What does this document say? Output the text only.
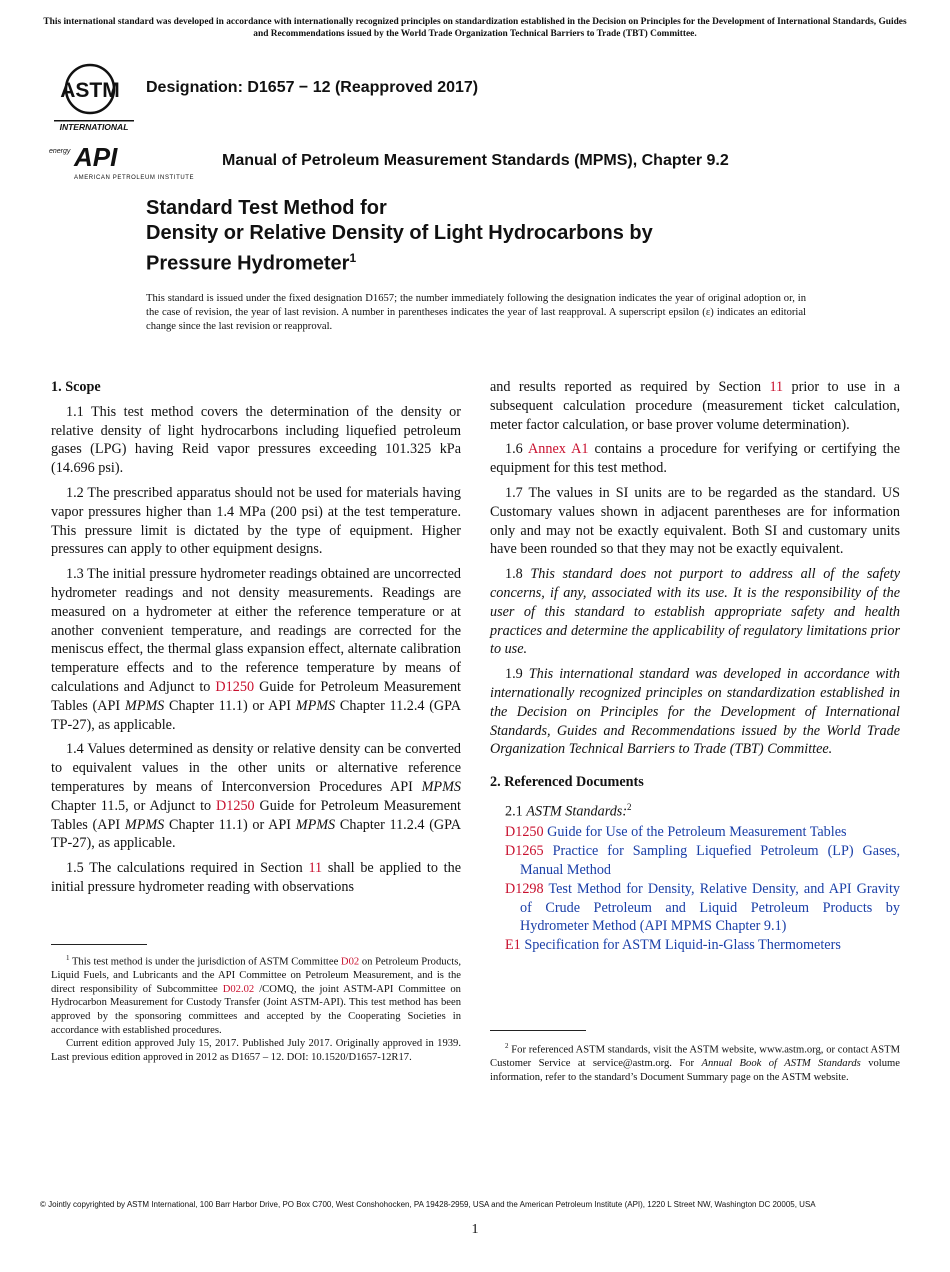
This international standard was developed in accordance with internationally recognized principles on standardization established in the Decision on Principles for the Development of International Standards, Guides and Recommendations issued by the World Trade Organization Technical Barriers to Trade (TBT) Committee.
ASTM
INTERNATIONAL
energy API
AMERICAN PETROLEUM INSTITUTE
Designation: D1657 − 12 (Reapproved 2017)
Manual of Petroleum Measurement Standards (MPMS), Chapter 9.2
Standard Test Method for
Density or Relative Density of Light Hydrocarbons by
Pressure Hydrometer$^1$
This standard is issued under the fixed designation D1657; the number immediately following the designation indicates the year of original adoption or, in the case of revision, the year of last revision. A number in parentheses indicates the year of last reapproval. A superscript epsilon (ε) indicates an editorial change since the last revision or reapproval.
1. Scope

1.1 This test method covers the determination of the density or relative density of light hydrocarbons including liquefied petroleum gases (LPG) having Reid vapor pressures exceeding 101.325 kPa (14.696 psi).

1.2 The prescribed apparatus should not be used for materials having vapor pressures higher than 1.4 MPa (200 psi) at the test temperature. This pressure limit is dictated by the type of equipment. Higher pressures can apply to other equipment designs.

1.3 The initial pressure hydrometer readings obtained are uncorrected hydrometer readings and not density measurements. Readings are measured on a hydrometer at either the reference temperature or at another convenient temperature, and readings are corrected for the meniscus effect, the thermal glass expansion effect, alternate calibration temperature effects and to the reference temperature by means of calculations and Adjunct to D1250 Guide for Petroleum Measurement Tables (API MPMS Chapter 11.1) or API MPMS Chapter 11.2.4 (GPA TP-27), as applicable.

1.4 Values determined as density or relative density can be converted to equivalent values in the other units or alternative reference temperatures by means of Interconversion Procedures API MPMS Chapter 11.5, or Adjunct to D1250 Guide for Petroleum Measurement Tables (API MPMS Chapter 11.1) or API MPMS Chapter 11.2.4 (GPA TP-27), as applicable.

1.5 The calculations required in Section 11 shall be applied to the initial pressure hydrometer reading with observations

and results reported as required by Section 11 prior to use in a subsequent calculation procedure (measurement ticket calculation, meter factor calculation, or base prover volume determination).

1.6 Annex A1 contains a procedure for verifying or certifying the equipment for this test method.

1.7 The values in SI units are to be regarded as the standard. US Customary values shown in adjacent parentheses are for information only and may not be exactly equivalent. Both SI and customary units have been rounded so that they may not be exactly equivalent.

1.8 This standard does not purport to address all of the safety concerns, if any, associated with its use. It is the responsibility of the user of this standard to establish appropriate safety and health practices and determine the applicability of regulatory limitations prior to use.

1.9 This international standard was developed in accordance with internationally recognized principles on standardization established in the Decision on Principles for the Development of International Standards, Guides and Recommendations issued by the World Trade Organization Technical Barriers to Trade (TBT) Committee.

2. Referenced Documents

2.1 ASTM Standards:$^2$

D1250 Guide for Use of the Petroleum Measurement Tables
D1265 Practice for Sampling Liquefied Petroleum (LP) Gases, Manual Method
D1298 Test Method for Density, Relative Density, and API Gravity of Crude Petroleum and Liquid Petroleum Products by Hydrometer Method (API MPMS Chapter 9.1)
E1 Specification for ASTM Liquid-in-Glass Thermometers

$^1$ This test method is under the jurisdiction of ASTM Committee D02 on Petroleum Products, Liquid Fuels, and Lubricants and the API Committee on Petroleum Measurement, and is the direct responsibility of Subcommittee D02.02 /COMQ, the joint ASTM-API Committee on Hydrocarbon Measurement for Custody Transfer (Joint ASTM-API). This test method has been approved by the sponsoring committees and accepted by the Cooperating Societies in accordance with established procedures.

Current edition approved July 15, 2017. Published July 2017. Originally approved in 1939. Last previous edition approved in 2012 as D1657 – 12. DOI: 10.1520/D1657-12R17.

$^2$ For referenced ASTM standards, visit the ASTM website, www.astm.org, or contact ASTM Customer Service at service@astm.org. For Annual Book of ASTM Standards volume information, refer to the standard’s Document Summary page on the ASTM website.

© Jointly copyrighted by ASTM International, 100 Barr Harbor Drive, PO Box C700, West Conshohocken, PA 19428-2959, USA and the American Petroleum Institute (API), 1220 L Street NW, Washington DC 20005, USA
1
